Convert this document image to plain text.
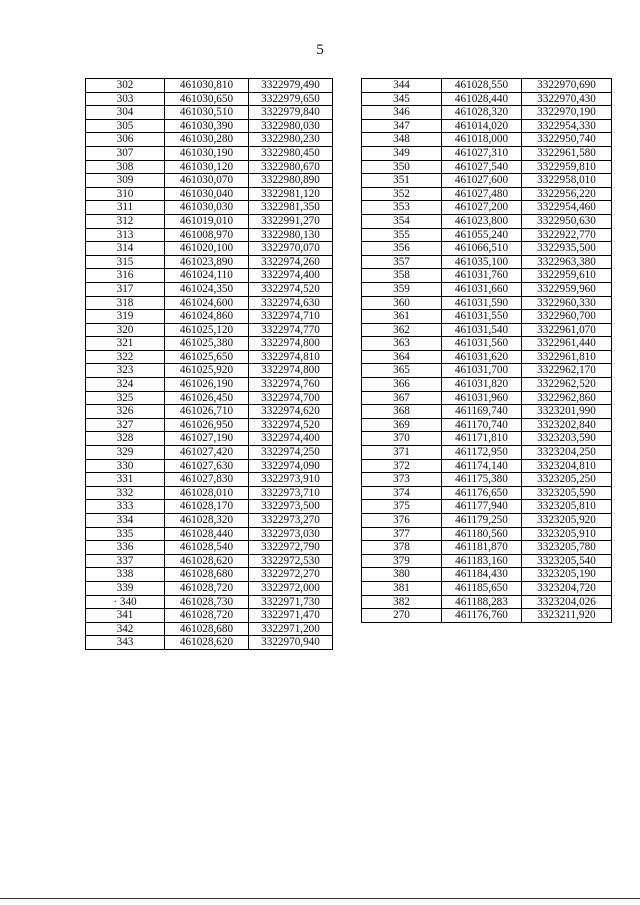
5
302	461030,810	3322979,490
303	461030,650	3322979,650
304	461030,510	3322979,840
305	461030,390	3322980,030
306	461030,280	3322980,230
307	461030,190	3322980,450
308	461030,120	3322980,670
309	461030,070	3322980,890
310	461030,040	3322981,120
311	461030,030	3322981,350
312	461019,010	3322991,270
313	461008,970	3322980,130
314	461020,100	3322970,070
315	461023,890	3322974,260
316	461024,110	3322974,400
317	461024,350	3322974,520
318	461024,600	3322974,630
319	461024,860	3322974,710
320	461025,120	3322974,770
321	461025,380	3322974,800
322	461025,650	3322974,810
323	461025,920	3322974,800
324	461026,190	3322974,760
325	461026,450	3322974,700
326	461026,710	3322974,620
327	461026,950	3322974,520
328	461027,190	3322974,400
329	461027,420	3322974,250
330	461027,630	3322974,090
331	461027,830	3322973,910
332	461028,010	3322973,710
333	461028,170	3322973,500
334	461028,320	3322973,270
335	461028,440	3322973,030
336	461028,540	3322972,790
337	461028,620	3322972,530
338	461028,680	3322972,270
339	461028,720	3322972,000
· 340	461028,730	3322971,730
341	461028,720	3322971,470
342	461028,680	3322971,200
343	461028,620	3322970,940
344	461028,550	3322970,690
345	461028,440	3322970,430
346	461028,320	3322970,190
347	461014,020	3322954,330
348	461018,000	3322950,740
349	461027,310	3322961,580
350	461027,540	3322959,810
351	461027,600	3322958,010
352	461027,480	3322956,220
353	461027,200	3322954,460
354	461023,800	3322950,630
355	461055,240	3322922,770
356	461066,510	3322935,500
357	461035,100	3322963,380
358	461031,760	3322959,610
359	461031,660	3322959,960
360	461031,590	3322960,330
361	461031,550	3322960,700
362	461031,540	3322961,070
363	461031,560	3322961,440
364	461031,620	3322961,810
365	461031,700	3322962,170
366	461031,820	3322962,520
367	461031,960	3322962,860
368	461169,740	3323201,990
369	461170,740	3323202,840
370	461171,810	3323203,590
371	461172,950	3323204,250
372	461174,140	3323204,810
373	461175,380	3323205,250
374	461176,650	3323205,590
375	461177,940	3323205,810
376	461179,250	3323205,920
377	461180,560	3323205,910
378	461181,870	3323205,780
379	461183,160	3323205,540
380	461184,430	3323205,190
381	461185,650	3323204,720
382	461188,283	3323204,026
270	461176,760	3323211,920
